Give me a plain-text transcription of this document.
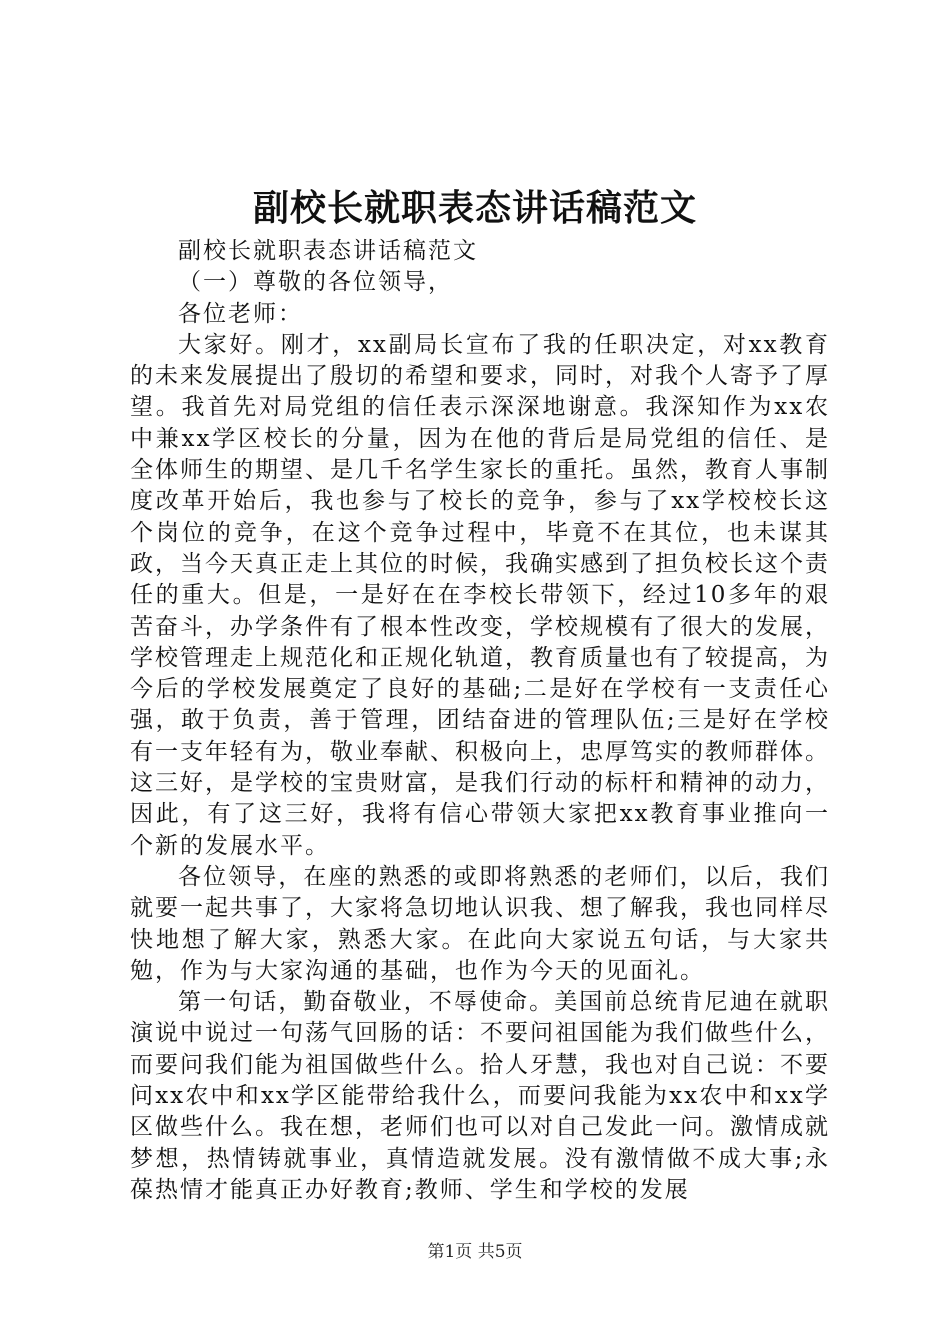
副校长就职表态讲话稿范文

副校长就职表态讲话稿范文

（一）尊敬的各位领导，

各位老师：

大家好。刚才，xx副局长宣布了我的任职决定，对xx教育的未来发展提出了殷切的希望和要求，同时，对我个人寄予了厚望。我首先对局党组的信任表示深深地谢意。我深知作为xx农中兼xx学区校长的分量，因为在他的背后是局党组的信任、是全体师生的期望、是几千名学生家长的重托。虽然，教育人事制度改革开始后，我也参与了校长的竞争，参与了xx学校校长这个岗位的竞争，在这个竞争过程中，毕竟不在其位，也未谋其政，当今天真正走上其位的时候，我确实感到了担负校长这个责任的重大。但是，一是好在在李校长带领下，经过10多年的艰苦奋斗，办学条件有了根本性改变，学校规模有了很大的发展，学校管理走上规范化和正规化轨道，教育质量也有了较提高，为今后的学校发展奠定了良好的基础;二是好在学校有一支责任心强，敢于负责，善于管理，团结奋进的管理队伍;三是好在学校有一支年轻有为，敬业奉献、积极向上，忠厚笃实的教师群体。这三好，是学校的宝贵财富，是我们行动的标杆和精神的动力，因此，有了这三好，我将有信心带领大家把xx教育事业推向一个新的发展水平。

各位领导，在座的熟悉的或即将熟悉的老师们，以后，我们就要一起共事了，大家将急切地认识我、想了解我，我也同样尽快地想了解大家，熟悉大家。在此向大家说五句话，与大家共勉，作为与大家沟通的基础，也作为今天的见面礼。

第一句话，勤奋敬业，不辱使命。美国前总统肯尼迪在就职演说中说过一句荡气回肠的话：不要问祖国能为我们做些什么，而要问我们能为祖国做些什么。拾人牙慧，我也对自己说：不要问xx农中和xx学区能带给我什么，而要问我能为xx农中和xx学区做些什么。我在想，老师们也可以对自己发此一问。激情成就梦想，热情铸就事业，真情造就发展。没有激情做不成大事;永葆热情才能真正办好教育;教师、学生和学校的发展

第1页 共5页
